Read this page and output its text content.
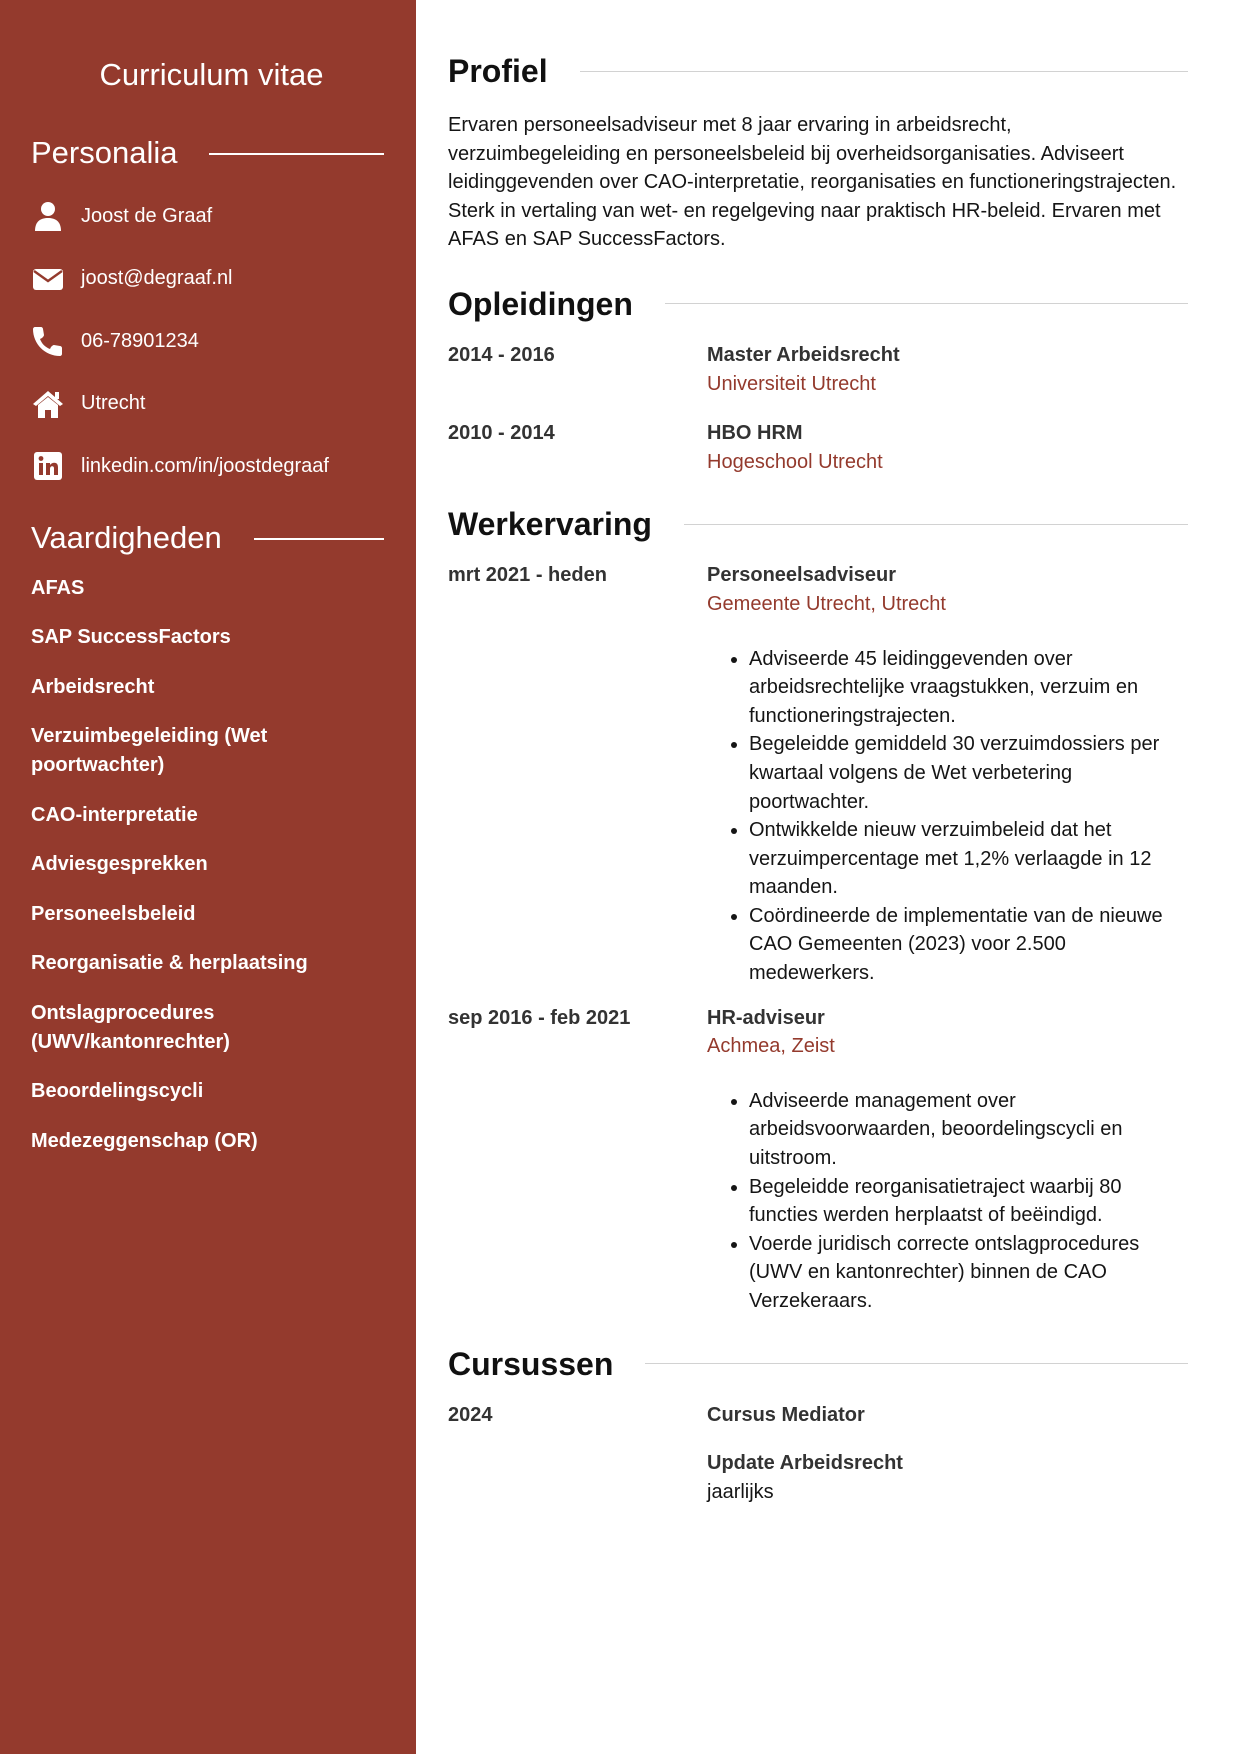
Curriculum vitae
Personalia
Joost de Graaf
joost@degraaf.nl
06-78901234
Utrecht
linkedin.com/in/joostdegraaf
Vaardigheden
AFAS
SAP SuccessFactors
Arbeidsrecht
Verzuimbegeleiding (Wet poortwachter)
CAO-interpretatie
Adviesgesprekken
Personeelsbeleid
Reorganisatie & herplaatsing
Ontslagprocedures (UWV/kantonrechter)
Beoordelingscycli
Medezeggenschap (OR)
Profiel

Ervaren personeelsadviseur met 8 jaar ervaring in arbeidsrecht, verzuimbegeleiding en personeelsbeleid bij overheidsorganisaties. Adviseert leidinggevenden over CAO-interpretatie, reorganisaties en functioneringstrajecten. Sterk in vertaling van wet- en regelgeving naar praktisch HR-beleid. Ervaren met AFAS en SAP SuccessFactors.

Opleidingen
2014 - 2016	Master Arbeidsrecht
Universiteit Utrecht
2010 - 2014	HBO HRM
Hogeschool Utrecht
Werkervaring
mrt 2021 - heden	Personeelsadviseur
Gemeente Utrecht, Utrecht
• Adviseerde 45 leidinggevenden over arbeidsrechtelijke vraagstukken, verzuim en functioneringstrajecten.
• Begeleidde gemiddeld 30 verzuimdossiers per kwartaal volgens de Wet verbetering poortwachter.
• Ontwikkelde nieuw verzuimbeleid dat het verzuimpercentage met 1,2% verlaagde in 12 maanden.
• Coördineerde de implementatie van de nieuwe CAO Gemeenten (2023) voor 2.500 medewerkers.
sep 2016 - feb 2021	HR-adviseur
Achmea, Zeist
• Adviseerde management over arbeidsvoorwaarden, beoordelingscycli en uitstroom.
• Begeleidde reorganisatietraject waarbij 80 functies werden herplaatst of beëindigd.
• Voerde juridisch correcte ontslagprocedures (UWV en kantonrechter) binnen de CAO Verzekeraars.
Cursussen
2024	Cursus Mediator
Update Arbeidsrecht
jaarlijks
